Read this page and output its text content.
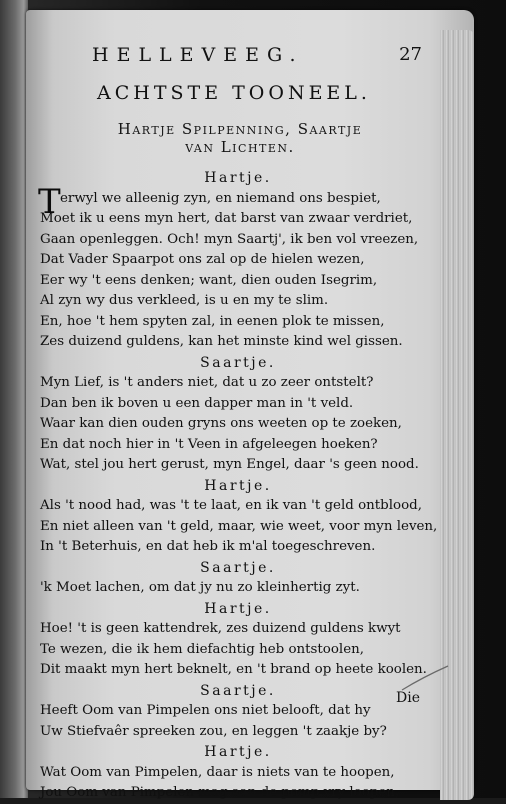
HELLEVEEG.	27
ACHTSTE TOONEEL.
Hartje Spilpenning, Saartje
van Lichten.
Hartje.
T erwyl we alleenig zyn, en niemand ons bespiet,
Moet ik u eens myn hert, dat barst van zwaar verdriet,
Gaan openleggen. Och! myn Saartj', ik ben vol vreezen,
Dat Vader Spaarpot ons zal op de hielen wezen,
Eer wy 't eens denken; want, dien ouden Isegrim,
Al zyn wy dus verkleed, is u en my te slim.
En, hoe 't hem spyten zal, in eenen plok te missen,
Zes duizend guldens, kan het minste kind wel gissen.
Saartje.
Myn Lief, is 't anders niet, dat u zo zeer ontstelt?
Dan ben ik boven u een dapper man in 't veld.
Waar kan dien ouden gryns ons weeten op te zoeken,
En dat noch hier in 't Veen in afgeleegen hoeken?
Wat, stel jou hert gerust, myn Engel, daar 's geen nood.
Hartje.
Als 't nood had, was 't te laat, en ik van 't geld ontblood,
En niet alleen van 't geld, maar, wie weet, voor myn leven,
In 't Beterhuis, en dat heb ik m'al toegeschreven.
Saartje.
'k Moet lachen, om dat jy nu zo kleinhertig zyt.
Hartje.
Hoe! 't is geen kattendrek, zes duizend guldens kwyt
Te wezen, die ik hem diefachtig heb ontstoolen,
Dit maakt myn hert beknelt, en 't brand op heete koolen.
Saartje.
Heeft Oom van Pimpelen ons niet belooft, dat hy
Uw Stiefvaêr spreeken zou, en leggen 't zaakje by?
Hartje.
Wat Oom van Pimpelen, daar is niets van te hoopen,
Jou Oom van Pimpelen mag aan de pomp vry loopen,
Die
